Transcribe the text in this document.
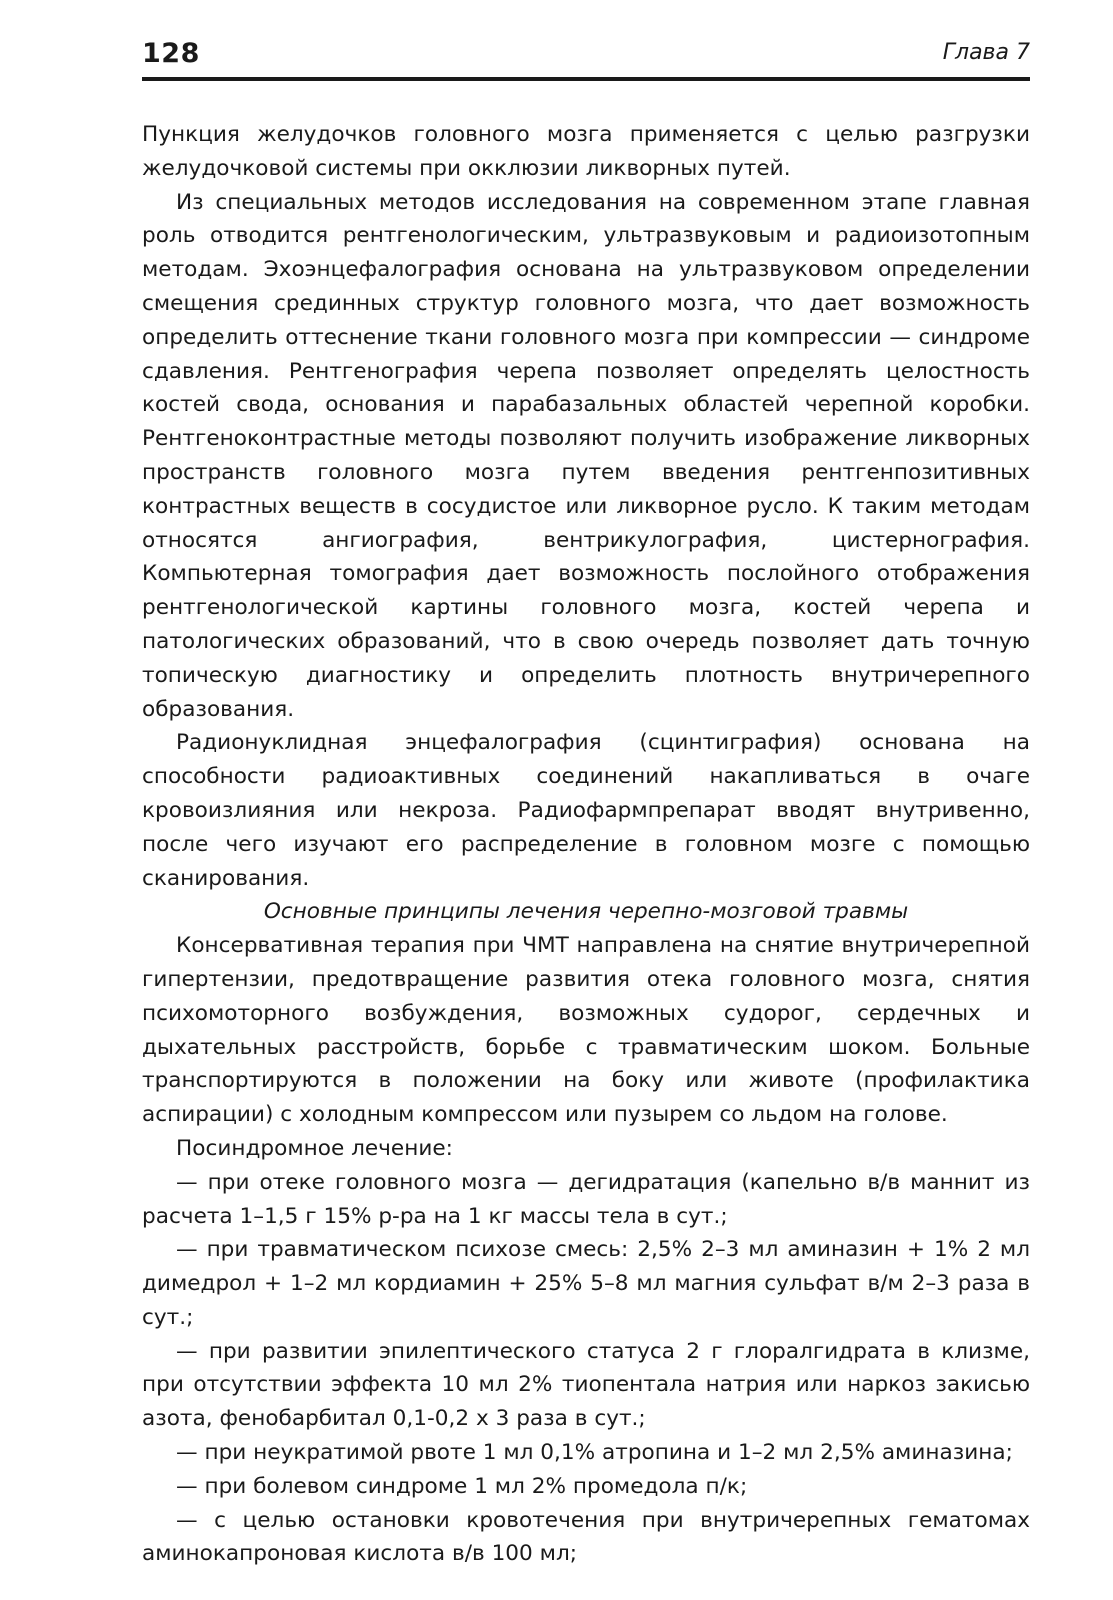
128	Глава 7

Пункция желудочков головного мозга применяется с целью разгрузки желудочковой системы при окклюзии ликворных путей.

Из специальных методов исследования на современном этапе главная роль отводится рентгенологическим, ультразвуковым и радиоизотопным методам. Эхоэнцефалография основана на ультразвуковом определении смещения срединных структур головного мозга, что дает возможность определить оттеснение ткани головного мозга при компрессии — синдроме сдавления. Рентгенография черепа позволяет определять целостность костей свода, основания и парабазальных областей черепной коробки. Рентгеноконтрастные методы позволяют получить изображение ликворных пространств головного мозга путем введения рентгенпозитивных контрастных веществ в сосудистое или ликворное русло. К таким методам относятся ангиография, вентрикулография, цистернография. Компьютерная томография дает возможность послойного отображения рентгенологической картины головного мозга, костей черепа и патологических образований, что в свою очередь позволяет дать точную топическую диагностику и определить плотность внутричерепного образования.

Радионуклидная энцефалография (сцинтиграфия) основана на способности радиоактивных соединений накапливаться в очаге кровоизлияния или некроза. Радиофармпрепарат вводят внутривенно, после чего изучают его распределение в головном мозге с помощью сканирования.

Основные принципы лечения черепно-мозговой травмы

Консервативная терапия при ЧМТ направлена на снятие внутричерепной гипертензии, предотвращение развития отека головного мозга, снятия психомоторного возбуждения, возможных судорог, сердечных и дыхательных расстройств, борьбе с травматическим шоком. Больные транспортируются в положении на боку или животе (профилактика аспирации) с холодным компрессом или пузырем со льдом на голове.

Посиндромное лечение:

— при отеке головного мозга — дегидратация (капельно в/в маннит из расчета 1–1,5 г 15% р-ра на 1 кг массы тела в сут.;

— при травматическом психозе смесь: 2,5% 2–3 мл аминазин + 1% 2 мл димедрол + 1–2 мл кордиамин + 25% 5–8 мл магния сульфат в/м 2–3 раза в сут.;

— при развитии эпилептического статуса 2 г глоралгидрата в клизме, при отсутствии эффекта 10 мл 2% тиопентала натрия или наркоз закисью азота, фенобарбитал 0,1-0,2 х 3 раза в сут.;

— при неукратимой рвоте 1 мл 0,1% атропина и 1–2 мл 2,5% аминазина;

— при болевом синдроме 1 мл 2% промедола п/к;

— с целью остановки кровотечения при внутричерепных гематомах аминокапроновая кислота в/в 100 мл;
